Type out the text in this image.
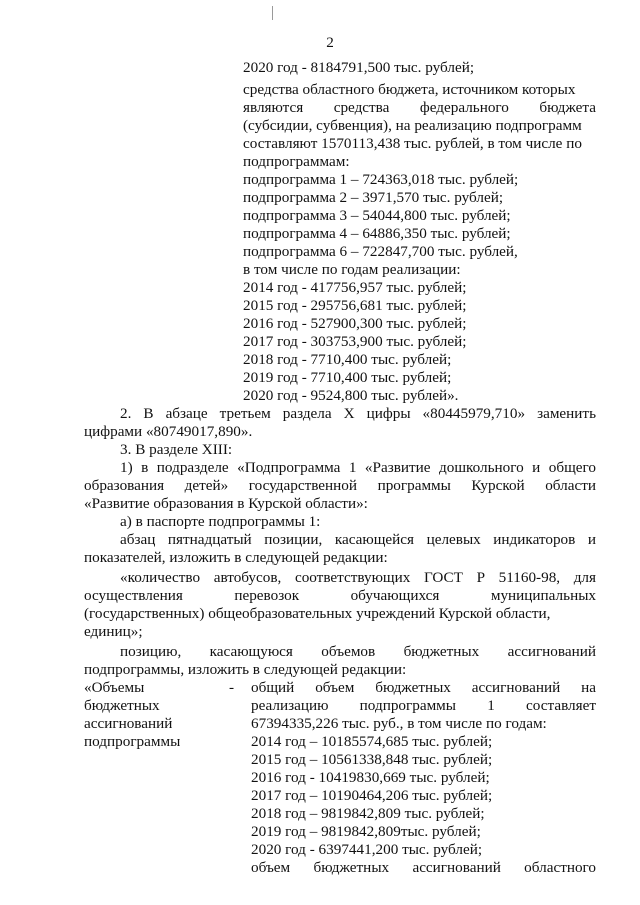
2
2020 год - 8184791,500 тыс. рублей;
средства областного бюджета, источником которых
являются средства федерального бюджета
(субсидии, субвенция), на реализацию подпрограмм
составляют 1570113,438 тыс. рублей, в том числе по
подпрограммам:
подпрограмма 1 – 724363,018 тыс. рублей;
подпрограмма 2 – 3971,570 тыс. рублей;
подпрограмма 3 – 54044,800 тыс. рублей;
подпрограмма 4 – 64886,350 тыс. рублей;
подпрограмма 6 – 722847,700 тыс. рублей,
в том числе по годам реализации:
2014 год - 417756,957 тыс. рублей;
2015 год - 295756,681 тыс. рублей;
2016 год - 527900,300 тыс. рублей;
2017 год - 303753,900 тыс. рублей;
2018 год - 7710,400 тыс. рублей;
2019 год - 7710,400 тыс. рублей;
2020 год - 9524,800 тыс. рублей».
2. В абзаце третьем раздела X цифры «80445979,710» заменить
цифрами «80749017,890».
3. В разделе XIII:
1) в подразделе «Подпрограмма 1 «Развитие дошкольного и общего
образования детей» государственной программы Курской области
«Развитие образования в Курской области»:
а) в паспорте подпрограммы 1:
абзац пятнадцатый позиции, касающейся целевых индикаторов и
показателей, изложить в следующей редакции:
«количество автобусов, соответствующих ГОСТ Р 51160-98, для
осуществления перевозок обучающихся муниципальных
(государственных) общеобразовательных учреждений Курской области,
единиц»;
позицию, касающуюся объемов бюджетных ассигнований
подпрограммы, изложить в следующей редакции:
«Объемы
бюджетных
ассигнований
подпрограммы
- общий объем бюджетных ассигнований на
реализацию подпрограммы 1 составляет
67394335,226 тыс. руб., в том числе по годам:
2014 год – 10185574,685 тыс. рублей;
2015 год – 10561338,848 тыс. рублей;
2016 год - 10419830,669 тыс. рублей;
2017 год – 10190464,206 тыс. рублей;
2018 год – 9819842,809 тыс. рублей;
2019 год – 9819842,809тыс. рублей;
2020 год - 6397441,200 тыс. рублей;
объем бюджетных ассигнований областного
